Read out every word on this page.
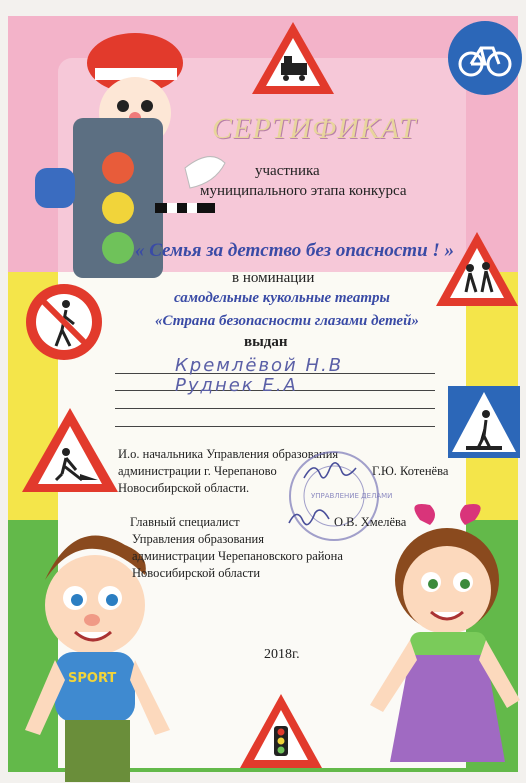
SPORT
СЕРТИФИКАТ
участника
муниципального этапа конкурса
« Семья за детство без опасности ! »
в номинации
самодельные кукольные театры
«Страна безопасности глазами детей»
выдан
Кремлёвой Н.В
Руднек Е.А
И.о. начальника Управления образования
администрации г. Черепаново
Новосибирской области.
Г.Ю. Котенёва
УПРАВЛЕНИЕ ДЕЛАМИ
Главный специалист
Управления образования
администрации Черепановского района
Новосибирской области
О.В. Хмелёва
2018г.
